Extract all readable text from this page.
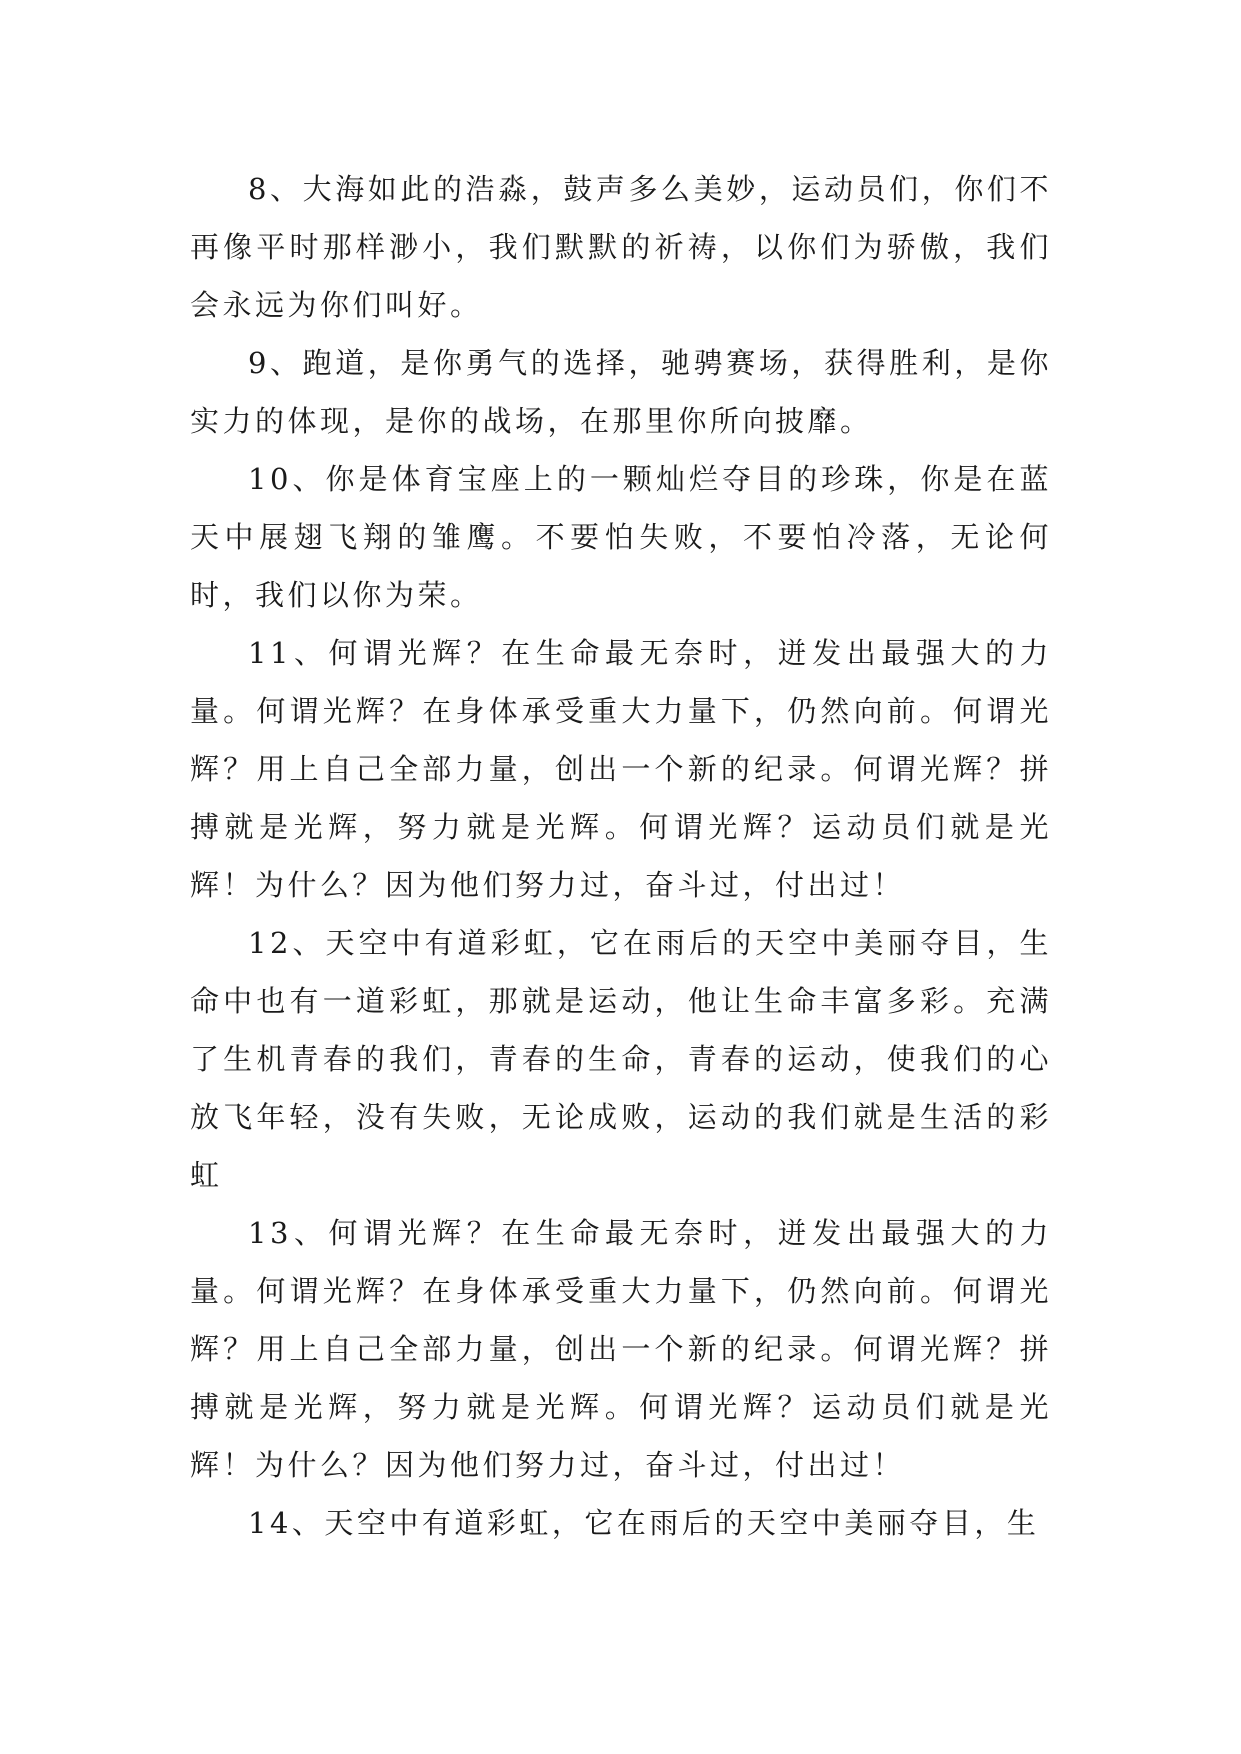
8、大海如此的浩淼，鼓声多么美妙，运动员们，你们不再像平时那样渺小，我们默默的祈祷，以你们为骄傲，我们会永远为你们叫好。

9、跑道，是你勇气的选择，驰骋赛场，获得胜利，是你实力的体现，是你的战场，在那里你所向披靡。

10、你是体育宝座上的一颗灿烂夺目的珍珠，你是在蓝天中展翅飞翔的雏鹰。不要怕失败，不要怕冷落，无论何时，我们以你为荣。

11、何谓光辉？在生命最无奈时，迸发出最强大的力量。何谓光辉？在身体承受重大力量下，仍然向前。何谓光辉？用上自己全部力量，创出一个新的纪录。何谓光辉？拼搏就是光辉，努力就是光辉。何谓光辉？运动员们就是光辉！为什么？因为他们努力过，奋斗过，付出过！

12、天空中有道彩虹，它在雨后的天空中美丽夺目，生命中也有一道彩虹，那就是运动，他让生命丰富多彩。充满了生机青春的我们，青春的生命，青春的运动，使我们的心放飞年轻，没有失败，无论成败，运动的我们就是生活的彩虹

13、何谓光辉？在生命最无奈时，迸发出最强大的力量。何谓光辉？在身体承受重大力量下，仍然向前。何谓光辉？用上自己全部力量，创出一个新的纪录。何谓光辉？拼搏就是光辉，努力就是光辉。何谓光辉？运动员们就是光辉！为什么？因为他们努力过，奋斗过，付出过！

14、天空中有道彩虹，它在雨后的天空中美丽夺目，生
